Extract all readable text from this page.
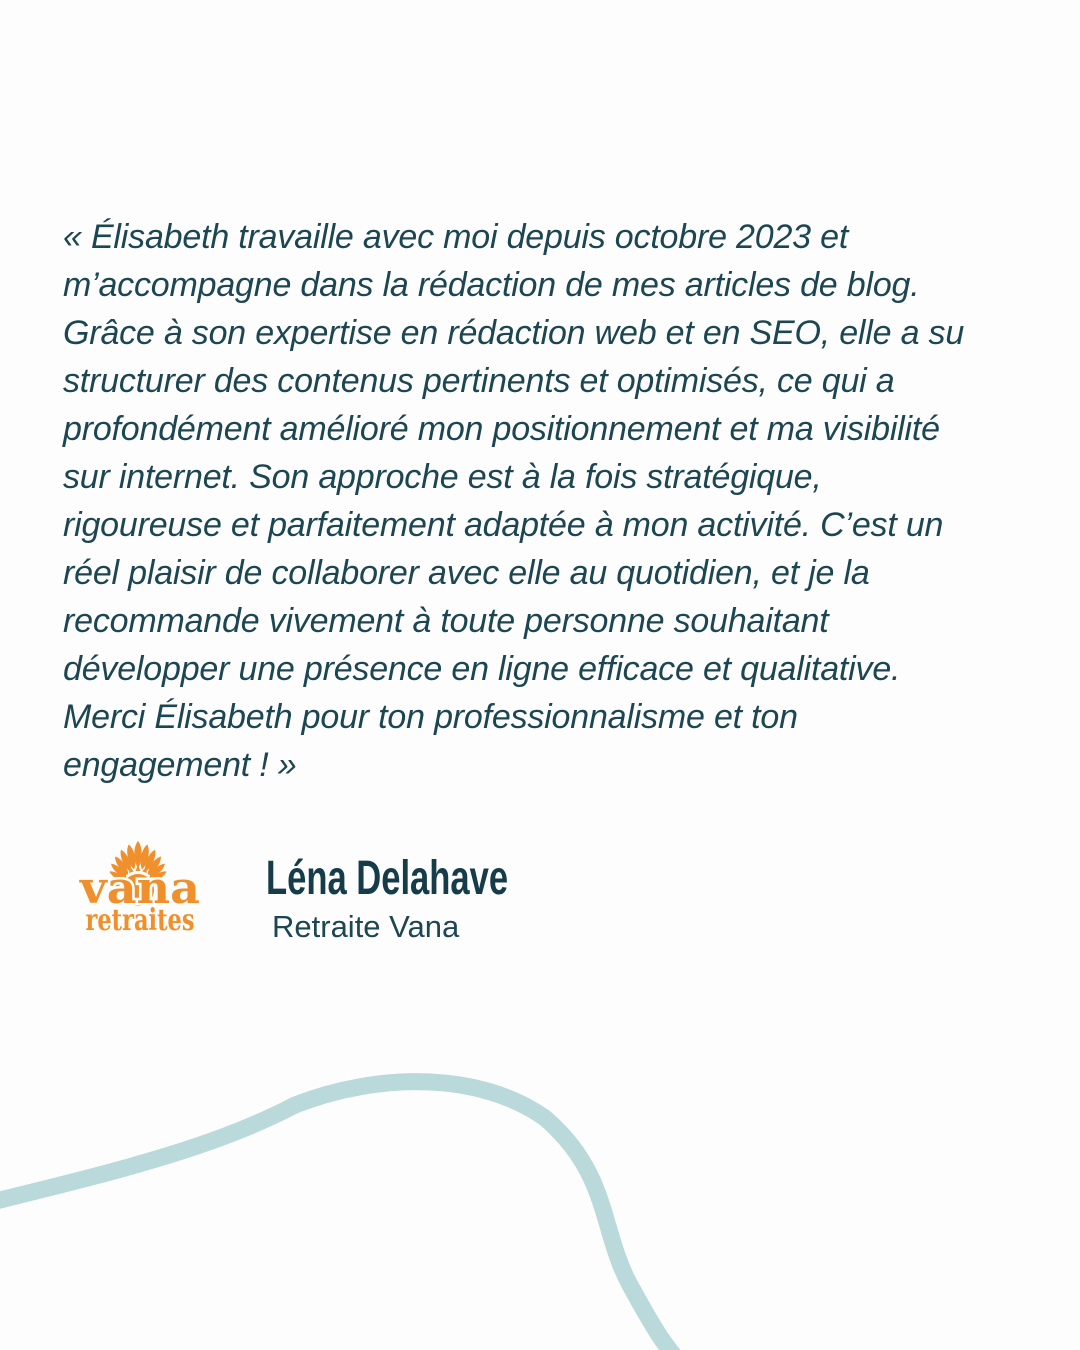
« Élisabeth travaille avec moi depuis octobre 2023 et
m’accompagne dans la rédaction de mes articles de blog.
Grâce à son expertise en rédaction web et en SEO, elle a su
structurer des contenus pertinents et optimisés, ce qui a
profondément amélioré mon positionnement et ma visibilité
sur internet. Son approche est à la fois stratégique,
rigoureuse et parfaitement adaptée à mon activité. C’est un
réel plaisir de collaborer avec elle au quotidien, et je la
recommande vivement à toute personne souhaitant
développer une présence en ligne efficace et qualitative.
Merci Élisabeth pour ton professionnalisme et ton
engagement ! »
vana
retraites
Léna Delahave
Retraite Vana
